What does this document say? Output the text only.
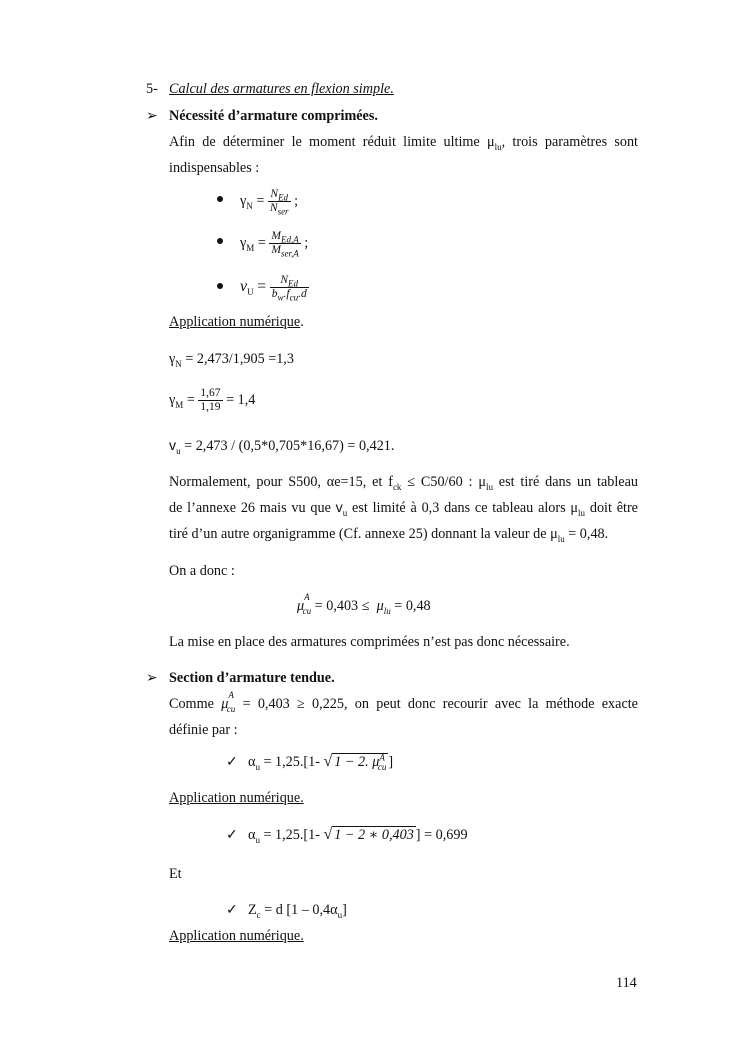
5- Calcul des armatures en flexion simple.
➢ Nécessité d’armature comprimées.
Afin de déterminer le moment réduit limite ultime $\mu_{lu}$, trois paramètres sont
indispensables :
$\gamma_N = \frac{N_{Ed}}{N_{ser}}$ ;
$\gamma_M = \frac{M_{Ed,A}}{M_{ser,A}}$ ;
$v_U = \frac{N_{Ed}}{b_w.f_{cu}.d}$
Application numérique.
$\gamma_N = 2,473/1,905 =1,3$
$\gamma_M = \frac{1,67}{1,19} = 1,4$
$v_u = 2,473 / (0,5*0,705*16,67) = 0,421$.
Normalement, pour S500, αe=15, et $f_{ck} \le C50/60$ : $\mu_{lu}$ est tiré dans un tableau
de l’annexe 26 mais vu que $v_u$ est limité à 0,3 dans ce tableau alors $\mu_{lu}$ doit être
tiré d’un autre organigramme (Cf. annexe 25) donnant la valeur de $\mu_{lu} = 0,48$.
On a donc :
$\mu^A_{cu} = 0,403 \le \mu_{lu} = 0,48$
La mise en place des armatures comprimées n’est pas donc nécessaire.
➢ Section d’armature tendue.
Comme $\mu^A_{cu} = 0,403 \ge 0,225$, on peut donc recourir avec la méthode exacte
définie par :
✓ $\alpha_u = 1,25.[1-$ √ 1 − 2. $\mu^A_{cu}$ ]
Application numérique.
✓ $\alpha_u = 1,25.[1-$ √ 1 − 2 ∗ 0,403 ] = 0,699
Et
✓ $Z_c = d$ $[1 - 0,4\alpha_u]$
Application numérique.
114
